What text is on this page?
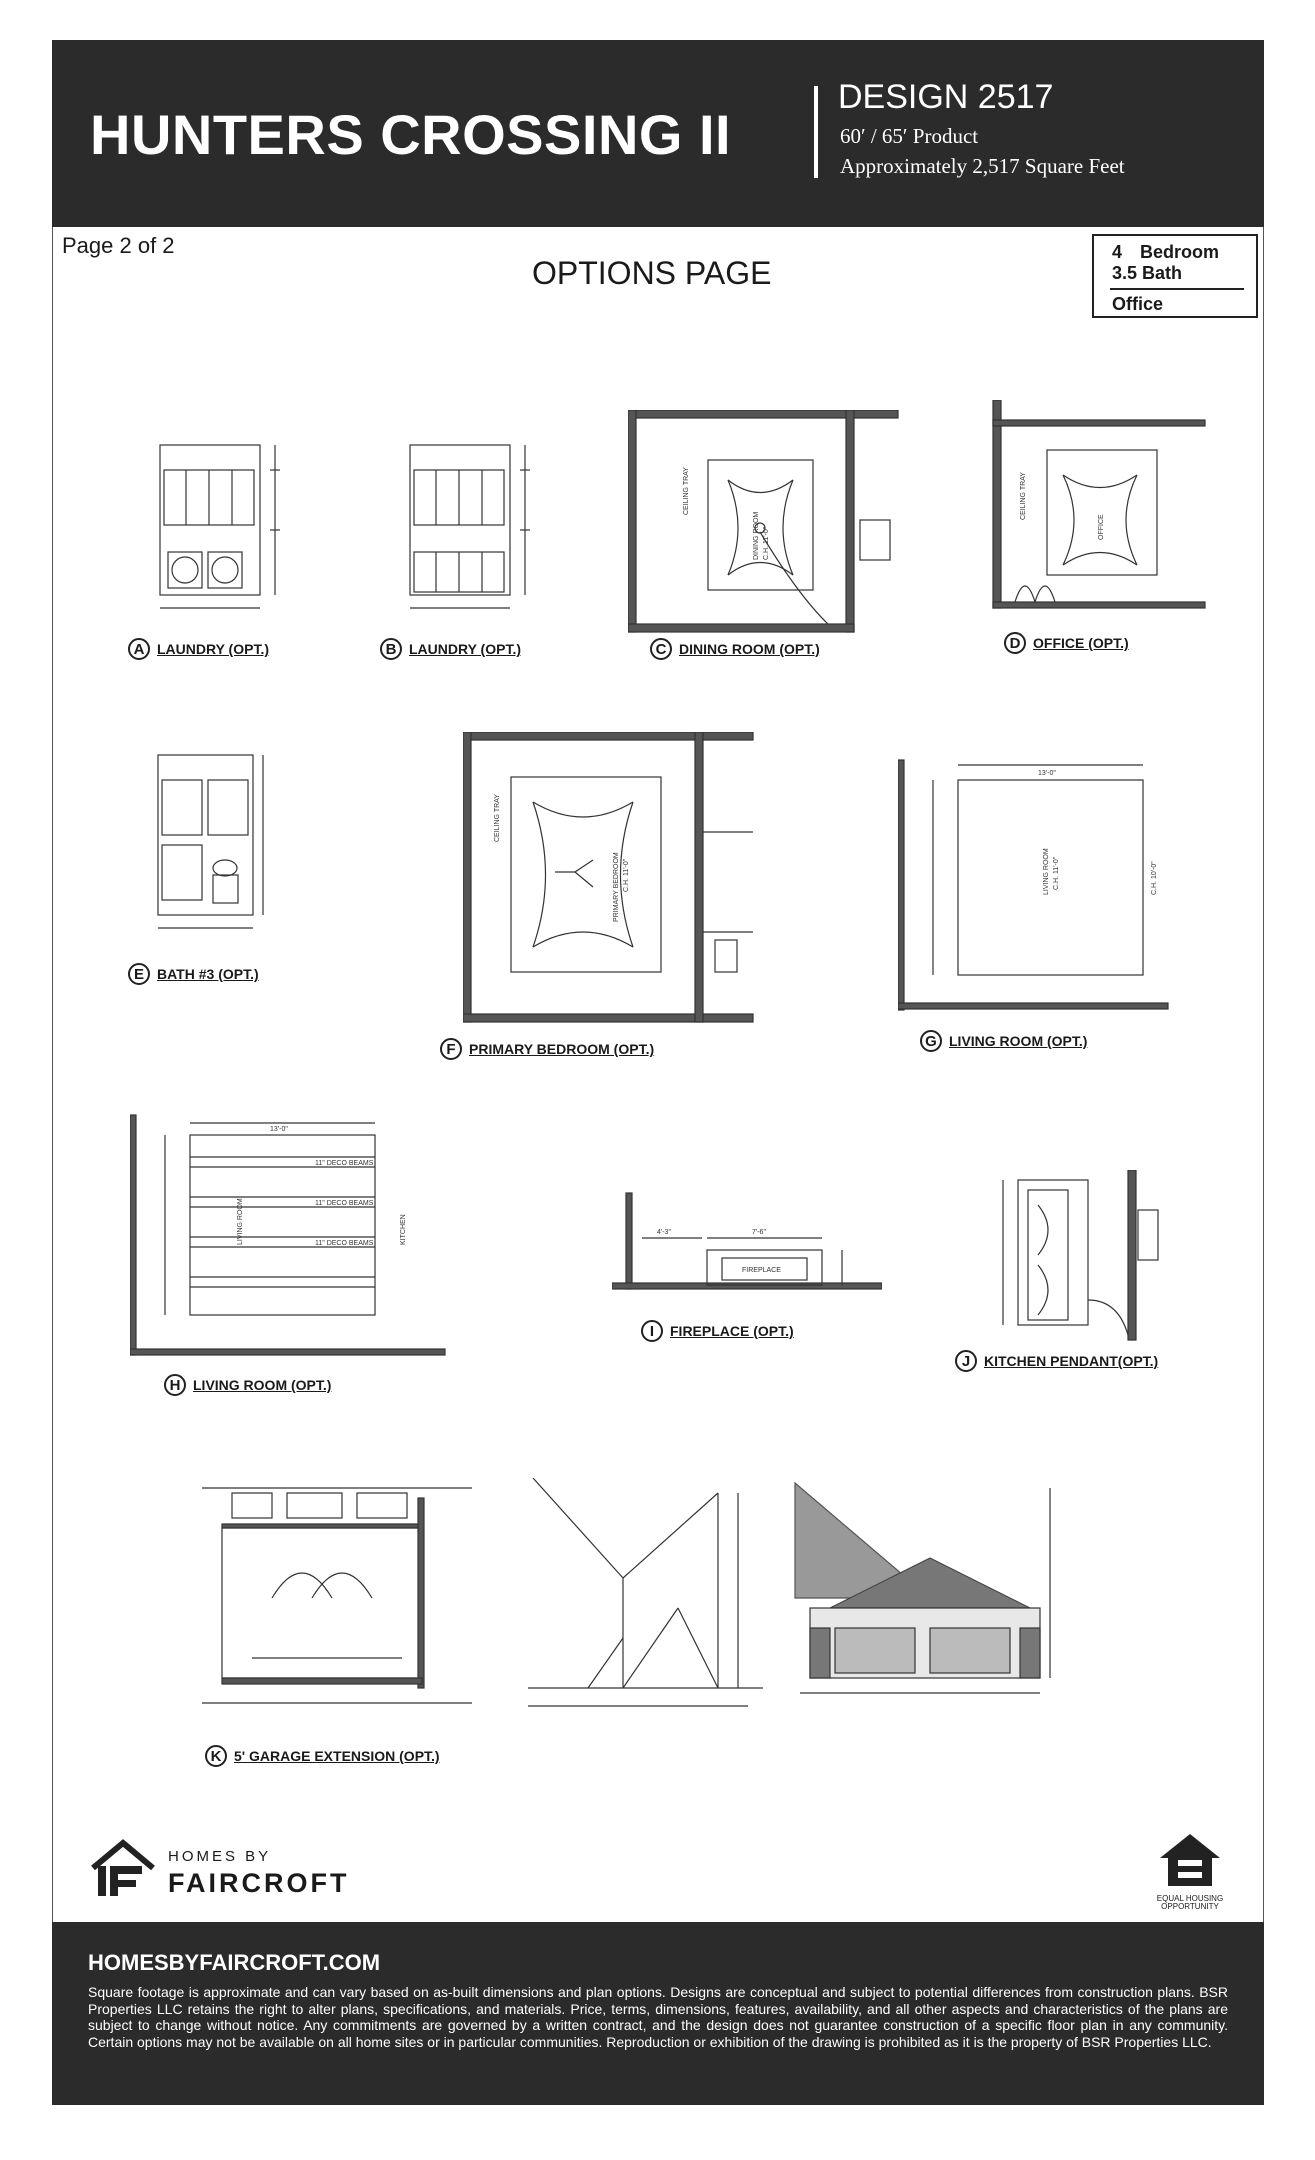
HUNTERS CROSSING II
DESIGN 2517
60′ / 65′ Product
Approximately 2,517 Square Feet
Page 2 of 2
OPTIONS PAGE
4 Bedroom
3.5 Bath
Office
A LAUNDRY (OPT.)	B LAUNDRY (OPT.)
CEILING TRAY
DINING ROOM C.H. 11'-0"
C DINING ROOM (OPT.)
CEILING TRAY
OFFICE
D OFFICE (OPT.)
E BATH #3 (OPT.)
CEILING TRAY
PRIMARY BEDROOM C.H. 11'-0"
F PRIMARY BEDROOM (OPT.)
LIVING ROOM C.H. 11'-0"	C.H. 10'-0"
13'-0"
G LIVING ROOM (OPT.)
11" DECO BEAMS
11" DECO BEAMS
11" DECO BEAMS
LIVING ROOM	KITCHEN
13'-0"
H LIVING ROOM (OPT.)
7'-6"
4'-3"
FIREPLACE
I	FIREPLACE (OPT.)
J KITCHEN PENDANT(OPT.)
K 5' GARAGE EXTENSION (OPT.)
HOMES BY
FAIRCROFT
EQUAL HOUSING OPPORTUNITY
HOMESBYFAIRCROFT.COM
Square footage is approximate and can vary based on as-built dimensions and plan options. Designs are conceptual and subject to potential differences from construction plans. BSR Properties LLC retains the right to alter plans, specifications, and materials. Price, terms, dimensions, features, availability, and all other aspects and characteristics of the plans are subject to change without notice. Any commitments are governed by a written contract, and the design does not guarantee construction of a specific floor plan in any community. Certain options may not be available on all home sites or in particular communities. Reproduction or exhibition of the drawing is prohibited as it is the property of BSR Properties LLC.
